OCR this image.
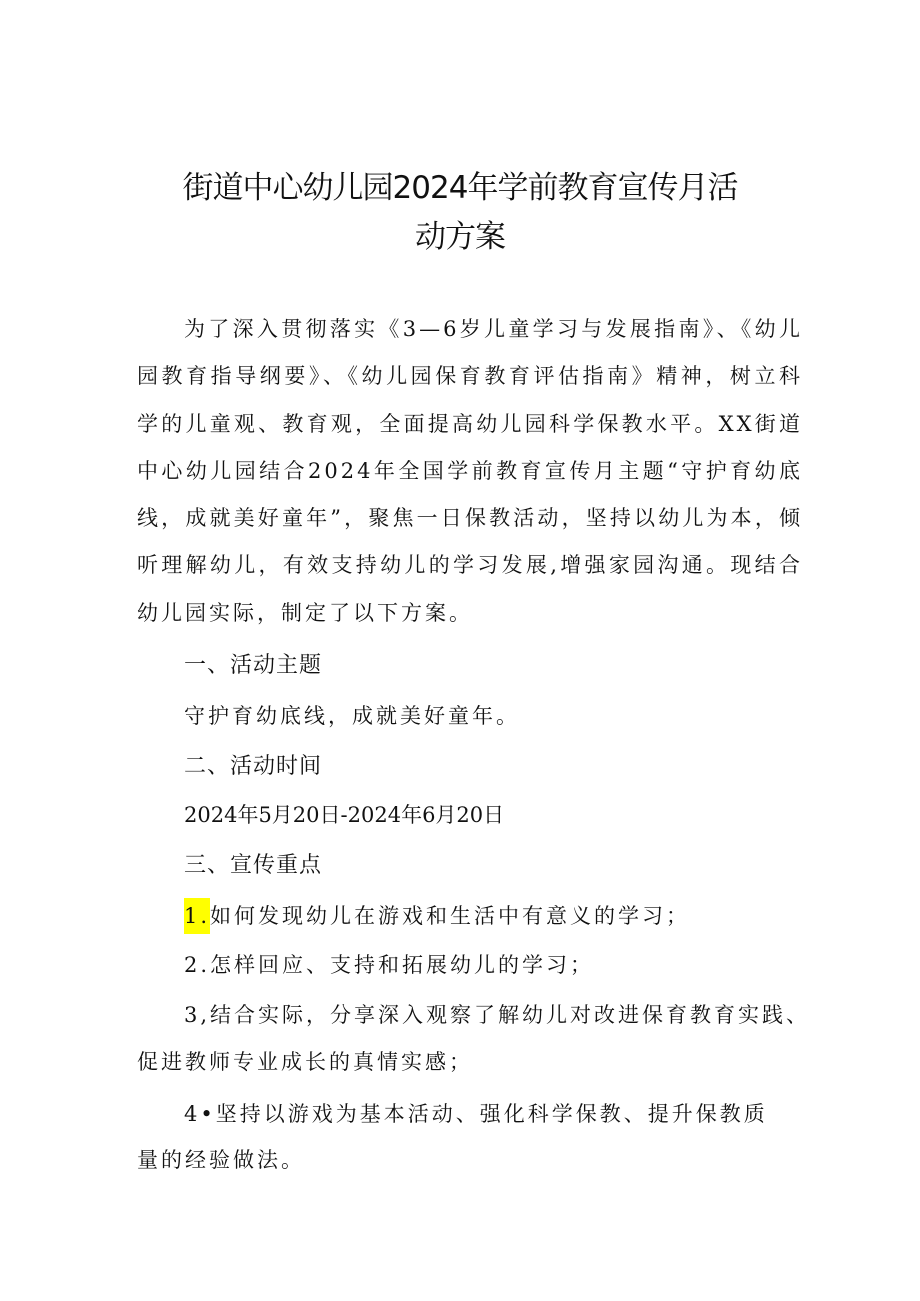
街道中心幼儿园2024年学前教育宣传月活
动方案

为了深入贯彻落实《3—6岁儿童学习与发展指南》、《幼儿园教育指导纲要》、《幼儿园保育教育评估指南》精神，树立科学的儿童观、教育观，全面提高幼儿园科学保教水平。XX街道中心幼儿园结合2024年全国学前教育宣传月主题“守护育幼底线，成就美好童年”，聚焦一日保教活动，坚持以幼儿为本，倾听理解幼儿，有效支持幼儿的学习发展,增强家园沟通。现结合幼儿园实际，制定了以下方案。

一、活动主题

守护育幼底线，成就美好童年。

二、活动时间

2024年5月20日-2024年6月20日

三、宣传重点

1.如何发现幼儿在游戏和生活中有意义的学习；

2.怎样回应、支持和拓展幼儿的学习；

3,结合实际，分享深入观察了解幼儿对改进保育教育实践、

促进教师专业成长的真情实感；

4•坚持以游戏为基本活动、强化科学保教、提升保教质

量的经验做法。
